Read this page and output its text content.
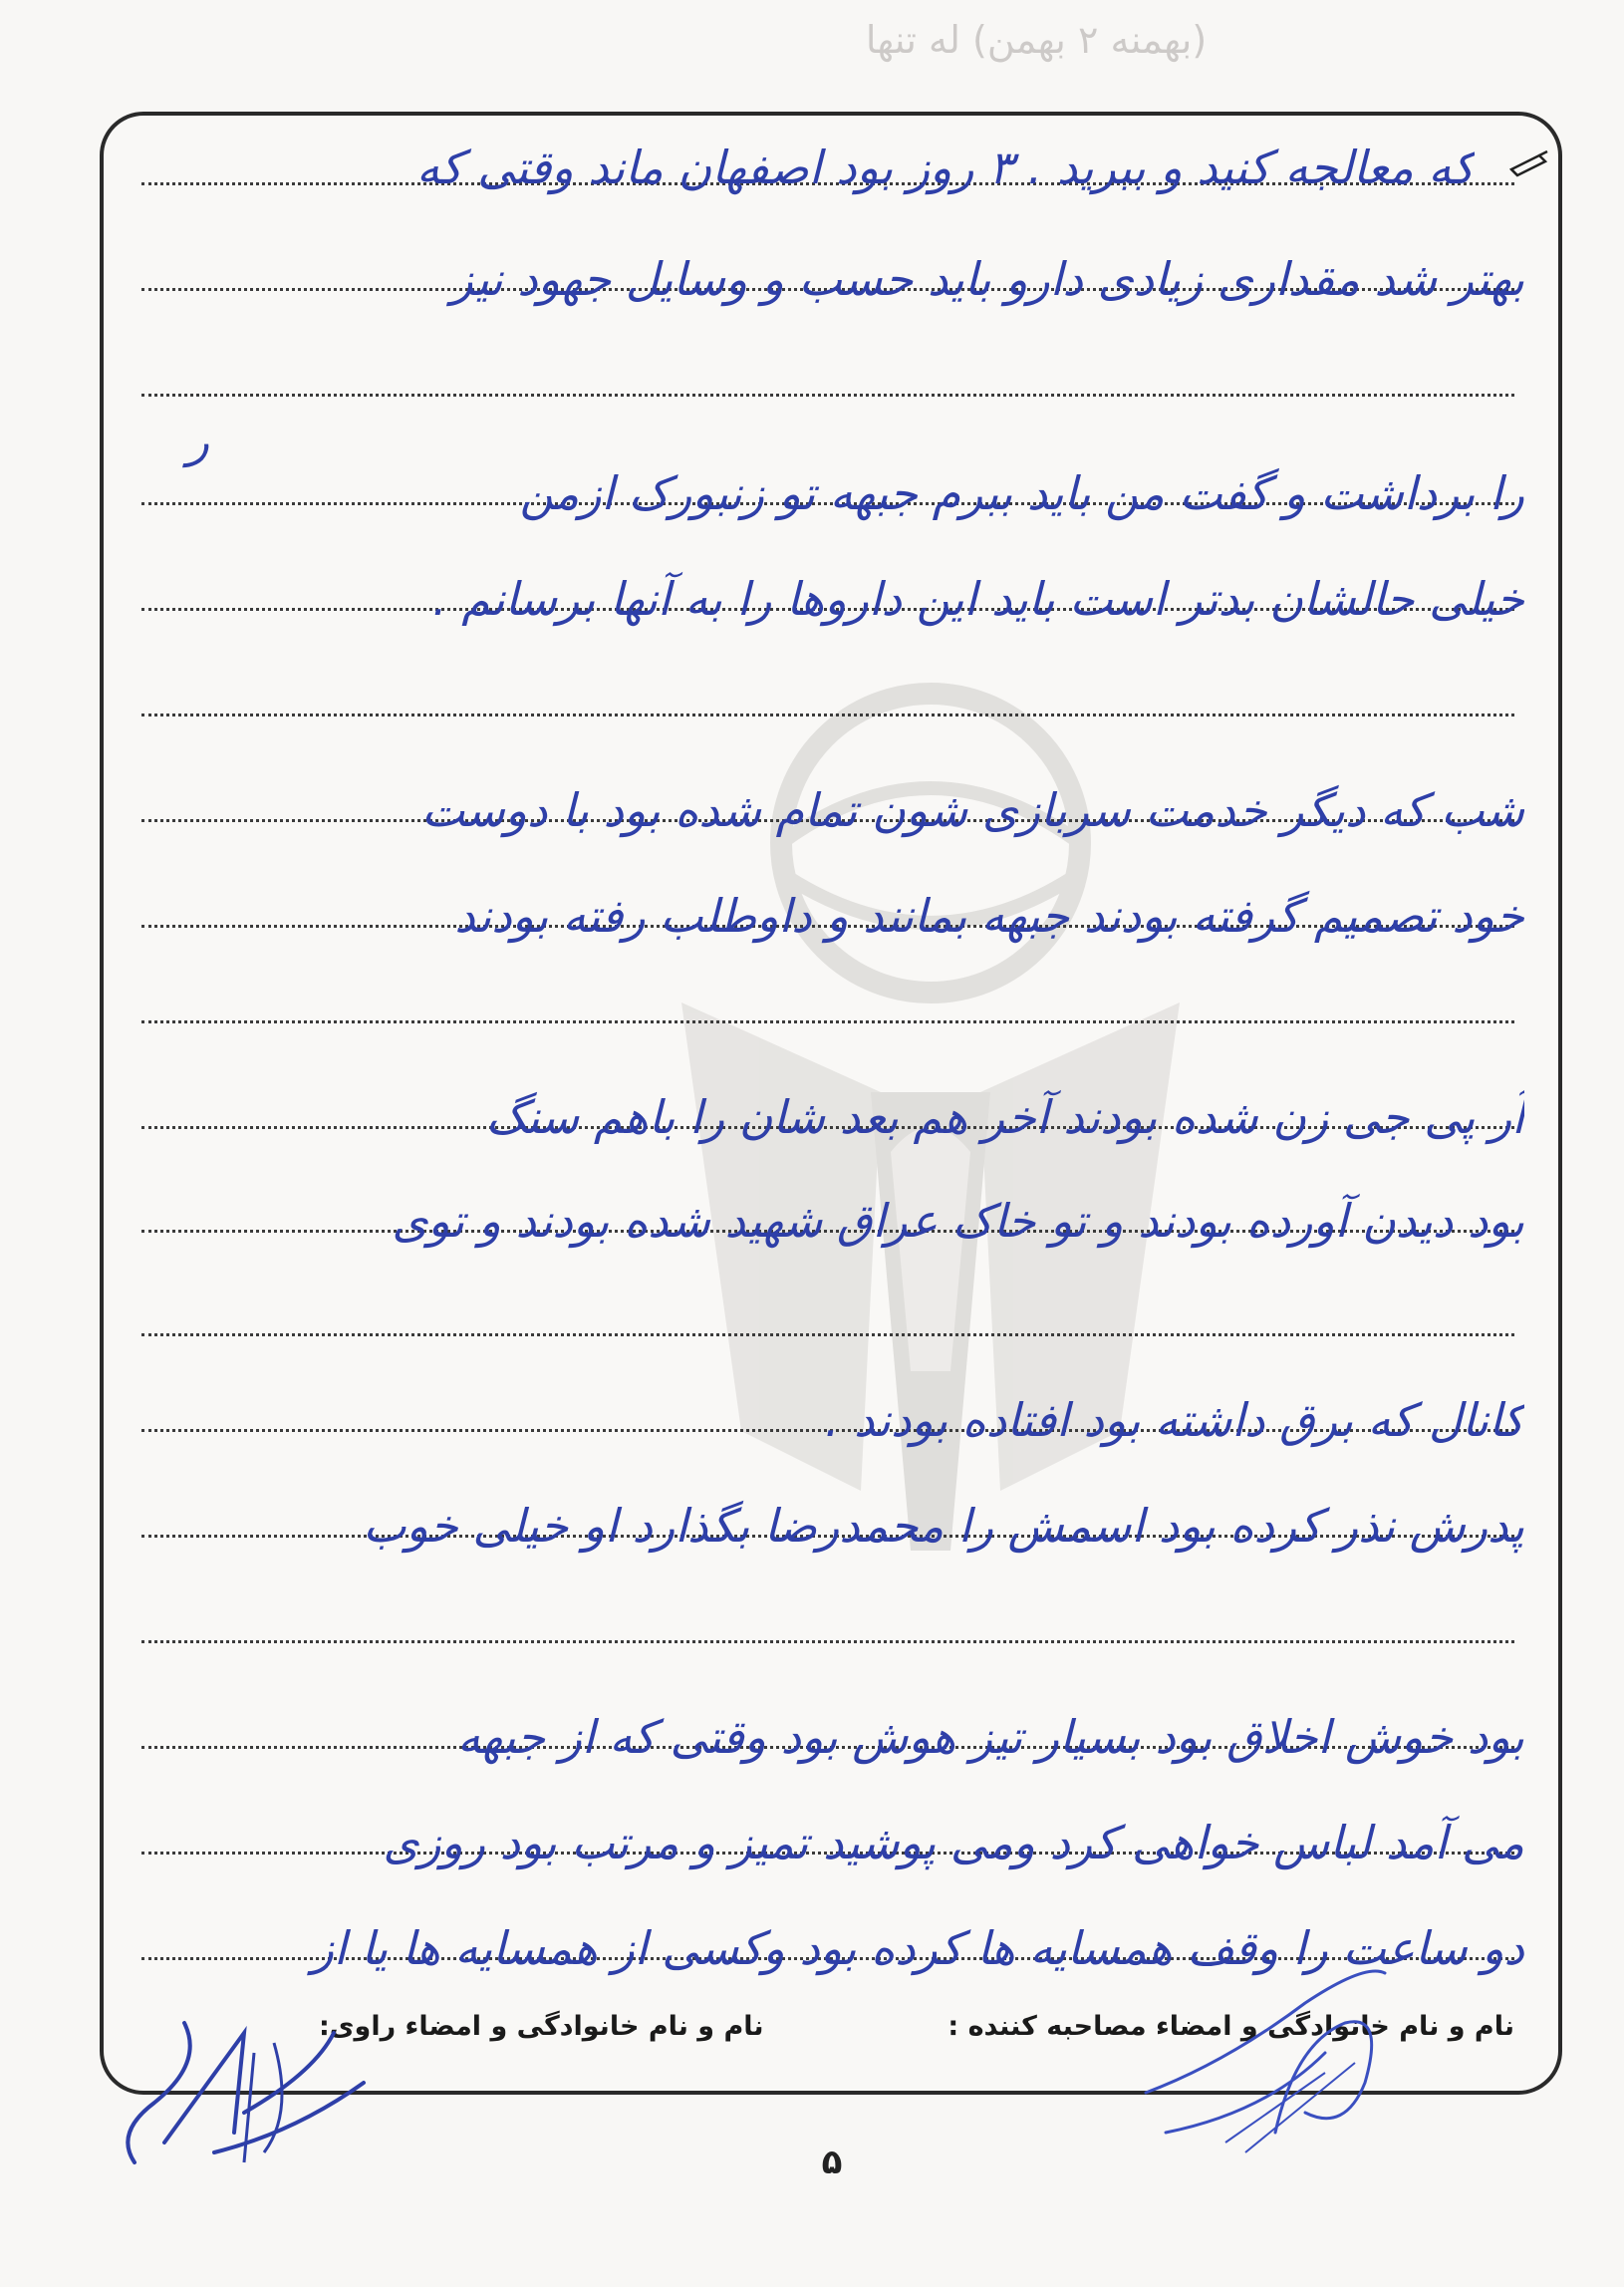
(بهمنه ۲ بهمن) له تنها
که معالجه کنید و ببرید . ۳ روز بود اصفهان ماند وقتی که
بهتر شد مقداری زیادی دارو باید حسب و وسایل جهود نیز
ر
را برداشت و گفت من باید ببرم جبهه تو زنبورک ازمن
خیلی حالشان بدتر است باید این داروها را به آنها برسانم .
شب که دیگر خدمت سربازی شون تمام شده بود با دوست
خود تصمیم گرفته بودند جبهه بمانند و داوطلب رفته بودند
آر پی جی زن شده بودند آخر هم بعد شان را باهم سنگ
بود دیدن آورده بودند و تو خاک عراق شهید شده بودند و توی
کانال که برق داشته بود افتاده بودند .
پدرش نذر کرده بود اسمش را محمدرضا بگذارد او خیلی خوب
بود خوش اخلاق بود بسیار تیز هوش بود وقتی که از جبهه
می آمد لباس خواهی کرد ومی پوشید تمیز و مرتب بود روزی
دو ساعت را وقف همسایه ها کرده بود وکسی از همسایه ها یا از
نام و نام خانوادگی و امضاء مصاحبه کننده :
نام و نام خانوادگی و امضاء راوی:
۵
